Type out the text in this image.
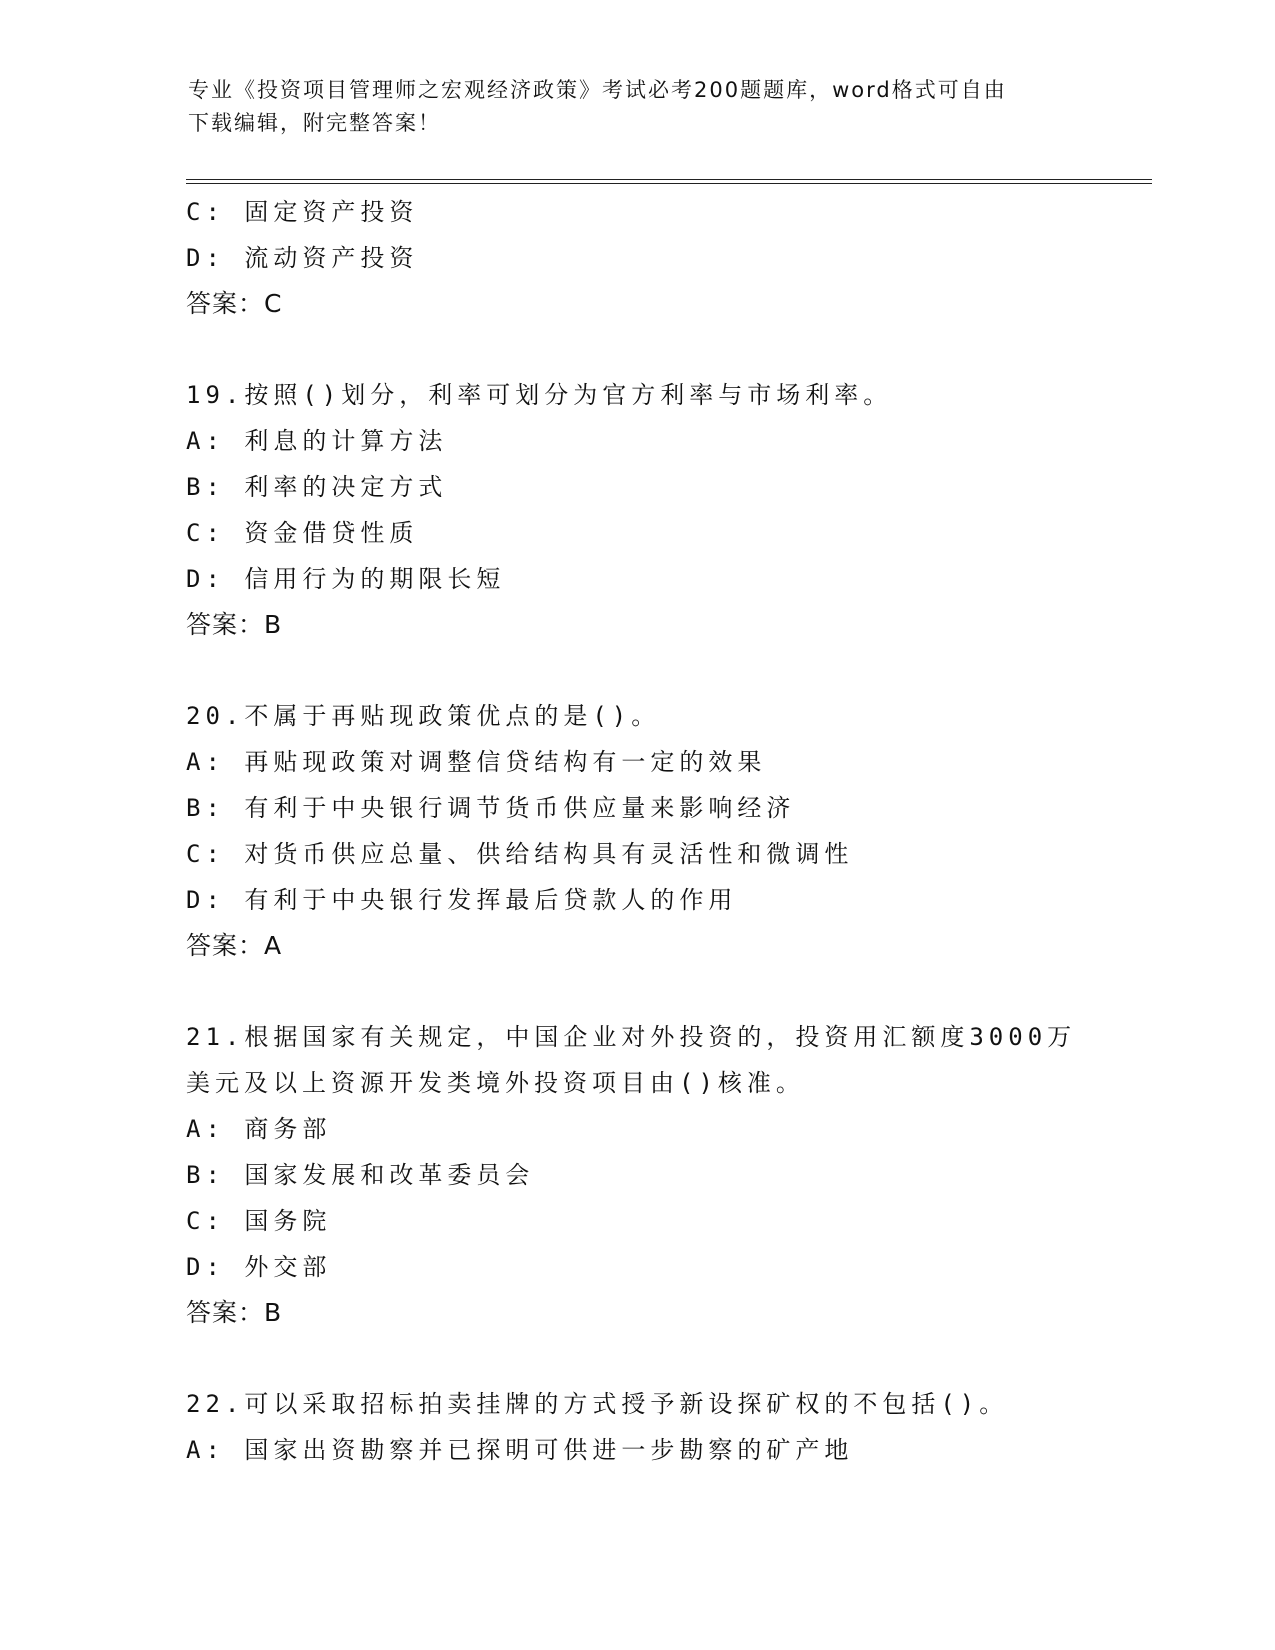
专业《投资项目管理师之宏观经济政策》考试必考200题题库，word格式可自由
下载编辑，附完整答案！
C: 固定资产投资
D: 流动资产投资
答案：C
19.按照()划分，利率可划分为官方利率与市场利率。
A: 利息的计算方法
B: 利率的决定方式
C: 资金借贷性质
D: 信用行为的期限长短
答案：B
20.不属于再贴现政策优点的是()。
A: 再贴现政策对调整信贷结构有一定的效果
B: 有利于中央银行调节货币供应量来影响经济
C: 对货币供应总量、供给结构具有灵活性和微调性
D: 有利于中央银行发挥最后贷款人的作用
答案：A
21.根据国家有关规定，中国企业对外投资的，投资用汇额度3000万
美元及以上资源开发类境外投资项目由()核准。
A: 商务部
B: 国家发展和改革委员会
C: 国务院
D: 外交部
答案：B
22.可以采取招标拍卖挂牌的方式授予新设探矿权的不包括()。
A: 国家出资勘察并已探明可供进一步勘察的矿产地
